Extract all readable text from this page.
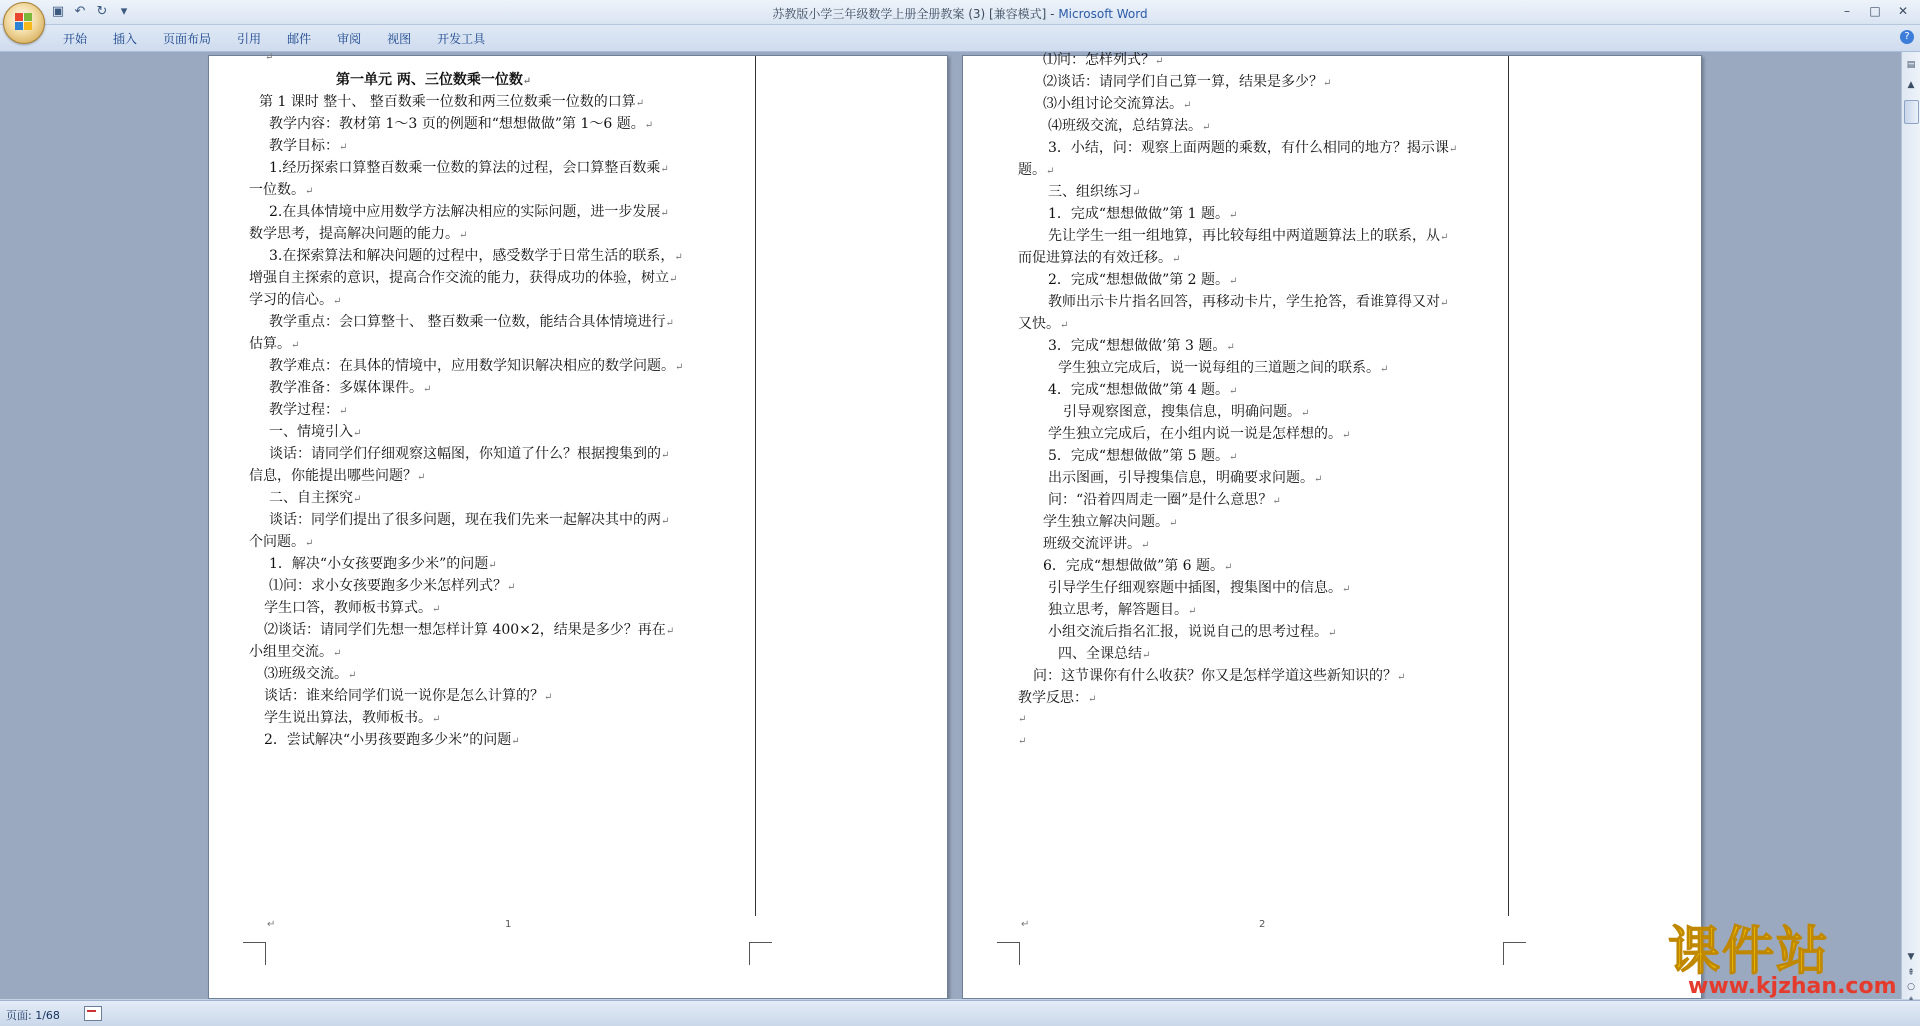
▣ ↶ ↻	▾	苏教版小学三年级数学上册全册教案 (3) [兼容模式] - Microsoft Word	–	□	✕
开始	插入	页面布局	引用	邮件	审阅	视图	开发工具	?
第一单元 两、三位数乘一位数↵
第 1 课时 整十、 整百数乘一位数和两三位数乘一位数的口算↵
教学内容：教材第 1～3 页的例题和“想想做做”第 1～6 题。↵
教学目标：↵
1.经历探索口算整百数乘一位数的算法的过程，会口算整百数乘↵
一位数。↵
2.在具体情境中应用数学方法解决相应的实际问题，进一步发展↵
数学思考，提高解决问题的能力。↵
3.在探索算法和解决问题的过程中，感受数学于日常生活的联系，↵
增强自主探索的意识，提高合作交流的能力，获得成功的体验，树立↵
学习的信心。↵
教学重点：会口算整十、 整百数乘一位数，能结合具体情境进行↵
估算。↵
教学难点：在具体的情境中，应用数学知识解决相应的数学问题。↵
教学准备：多媒体课件。↵
教学过程：↵
一、情境引入↵
谈话：请同学们仔细观察这幅图，你知道了什么？根据搜集到的↵
信息，你能提出哪些问题？↵
二、自主探究↵
谈话：同学们提出了很多问题，现在我们先来一起解决其中的两↵
个问题。↵
1．解决“小女孩要跑多少米”的问题↵
⑴问：求小女孩要跑多少米怎样列式？↵
学生口答，教师板书算式。↵
⑵谈话：请同学们先想一想怎样计算 400×2，结果是多少？再在↵
小组里交流。↵
⑶班级交流。↵
谈话：谁来给同学们说一说你是怎么计算的？↵
学生说出算法，教师板书。↵
2．尝试解决“小男孩要跑多少米”的问题↵
↵
1
↵
⑴问：怎样列式？↵
⑵谈话：请同学们自己算一算，结果是多少？↵
⑶小组讨论交流算法。↵
⑷班级交流，总结算法。↵
3．小结，问：观察上面两题的乘数，有什么相同的地方？揭示课↵
题。↵
三、组织练习↵
1．完成“想想做做”第 1 题。↵
先让学生一组一组地算，再比较每组中两道题算法上的联系，从↵
而促进算法的有效迁移。↵
2．完成“想想做做”第 2 题。↵
教师出示卡片指名回答，再移动卡片，学生抢答，看谁算得又对↵
又快。↵
3．完成“想想做做’第 3 题。↵
学生独立完成后，说一说每组的三道题之间的联系。↵
4．完成“想想做做”第 4 题。↵
引导观察图意，搜集信息，明确问题。↵
学生独立完成后，在小组内说一说是怎样想的。↵
5．完成“想想做做”第 5 题。↵
出示图画，引导搜集信息，明确要求问题。↵
问：“沿着四周走一圈”是什么意思？↵
学生独立解决问题。↵
班级交流评讲。↵
6．完成“想想做做”第 6 题。↵
引导学生仔细观察题中插图，搜集图中的信息。↵
独立思考，解答题目。↵
小组交流后指名汇报，说说自己的思考过程。↵
四、全课总结↵
问：这节课你有什么收获？你又是怎样学道这些新知识的？↵
教学反思：↵
↵
↵
2
↵
▤
▲
▼
⇞
○
页面: 1/68
课件站
www.kjzhan.com
